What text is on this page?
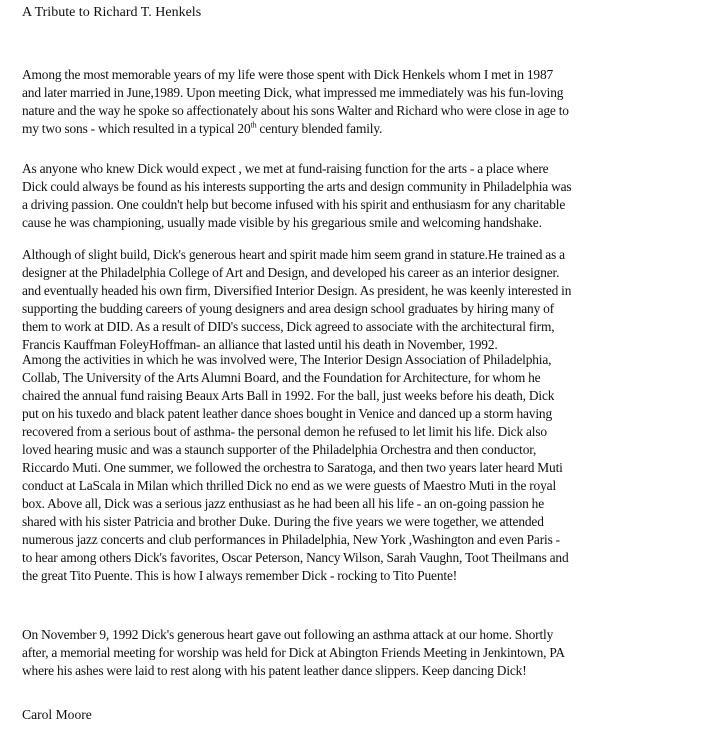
A Tribute to Richard T. Henkels
Among the most memorable years of my life were those spent with Dick Henkels whom I met in 1987
and later married in June,1989. Upon meeting Dick, what impressed me immediately was his fun-loving
nature and the way he spoke so affectionately about his sons Walter and Richard who were close in age to
my two sons - which resulted in a typical 20th century blended family.
As anyone who knew Dick would expect , we met at fund-raising function for the arts - a place where
Dick could always be found as his interests supporting the arts and design community in Philadelphia was
a driving passion. One couldn't help but become infused with his spirit and enthusiasm for any charitable
cause he was championing, usually made visible by his gregarious smile and welcoming handshake.
Although of slight build, Dick's generous heart and spirit made him seem grand in stature.He trained as a
designer at the Philadelphia College of Art and Design, and developed his career as an interior designer.
and eventually headed his own firm, Diversified Interior Design. As president, he was keenly interested in
supporting the budding careers of young designers and area design school graduates by hiring many of
them to work at DID. As a result of DID's success, Dick agreed to associate with the architectural firm,
Francis Kauffman FoleyHoffman- an alliance that lasted until his death in November, 1992.
Among the activities in which he was involved were, The Interior Design Association of Philadelphia,
Collab, The University of the Arts Alumni Board, and the Foundation for Architecture, for whom he
chaired the annual fund raising Beaux Arts Ball in 1992. For the ball, just weeks before his death, Dick
put on his tuxedo and black patent leather dance shoes bought in Venice and danced up a storm having
recovered from a serious bout of asthma- the personal demon he refused to let limit his life. Dick also
loved hearing music and was a staunch supporter of the Philadelphia Orchestra and then conductor,
Riccardo Muti. One summer, we followed the orchestra to Saratoga, and then two years later heard Muti
conduct at LaScala in Milan which thrilled Dick no end as we were guests of Maestro Muti in the royal
box. Above all, Dick was a serious jazz enthusiast as he had been all his life - an on-going passion he
shared with his sister Patricia and brother Duke. During the five years we were together, we attended
numerous jazz concerts and club performances in Philadelphia, New York ,Washington and even Paris -
to hear among others Dick's favorites, Oscar Peterson, Nancy Wilson, Sarah Vaughn, Toot Theilmans and
the great Tito Puente. This is how I always remember Dick - rocking to Tito Puente!
On November 9, 1992 Dick's generous heart gave out following an asthma attack at our home. Shortly
after, a memorial meeting for worship was held for Dick at Abington Friends Meeting in Jenkintown, PA
where his ashes were laid to rest along with his patent leather dance slippers. Keep dancing Dick!
Carol Moore
